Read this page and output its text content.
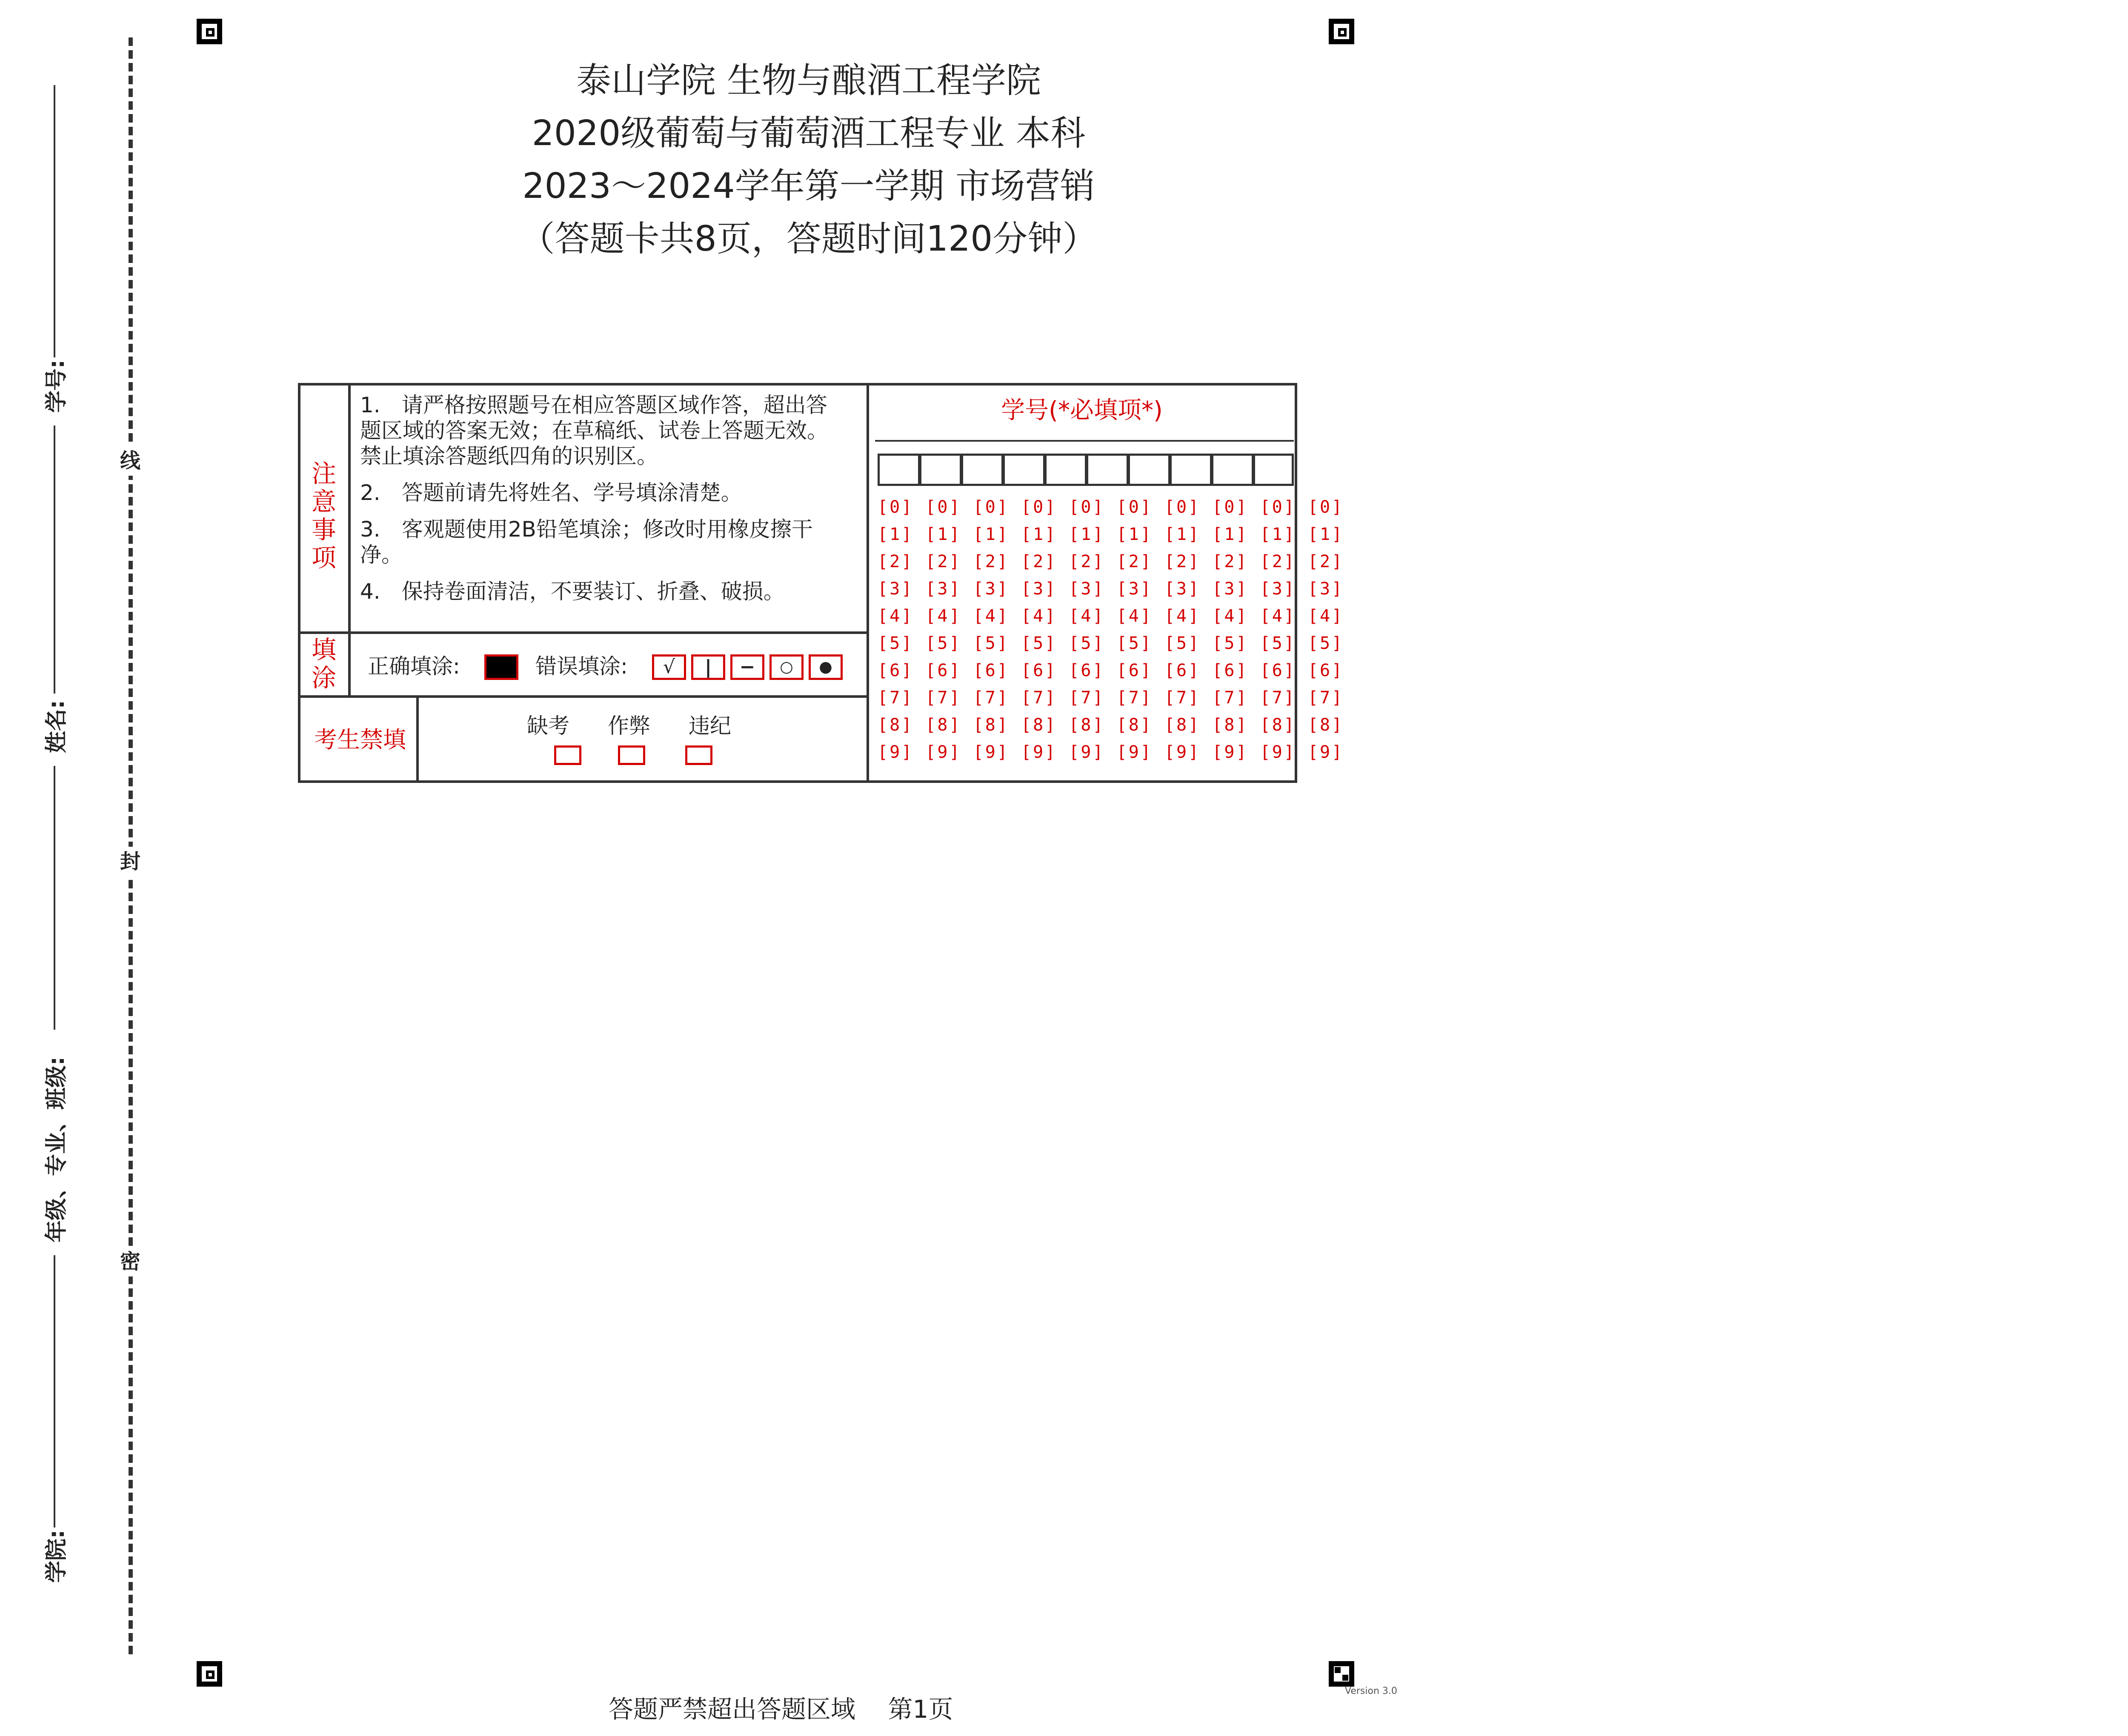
线
封
密
学号:
姓名:
年级、专业、班级:
学院:
泰山学院 生物与酿酒工程学院
2020级葡萄与葡萄酒工程专业 本科
2023～2024学年第一学期 市场营销
（答题卡共8页，答题时间120分钟）
注意事项

1.　请严格按照题号在相应答题区域作答，超出答题区域的答案无效；在草稿纸、试卷上答题无效。禁止填涂答题纸四角的识别区。

2.　答题前请先将姓名、学号填涂清楚。

3.　客观题使用2B铅笔填涂；修改时用橡皮擦干净。

4.　保持卷面清洁，不要装订、折叠、破损。

填涂 正确填涂:	错误填涂:	√	|	−	○	●
考生禁填
缺考 作弊 违纪
学号(*必填项*)
[0] [0] [0] [0] [0] [0] [0] [0] [0] [0]
[1] [1] [1] [1] [1] [1] [1] [1] [1] [1]
[2] [2] [2] [2] [2] [2] [2] [2] [2] [2]
[3] [3] [3] [3] [3] [3] [3] [3] [3] [3]
[4] [4] [4] [4] [4] [4] [4] [4] [4] [4]
[5] [5] [5] [5] [5] [5] [5] [5] [5] [5]
[6] [6] [6] [6] [6] [6] [6] [6] [6] [6]
[7] [7] [7] [7] [7] [7] [7] [7] [7] [7]
[8] [8] [8] [8] [8] [8] [8] [8] [8] [8]
[9] [9] [9] [9] [9] [9] [9] [9] [9] [9]
答题严禁超出答题区域　 第1页
Version 3.0
